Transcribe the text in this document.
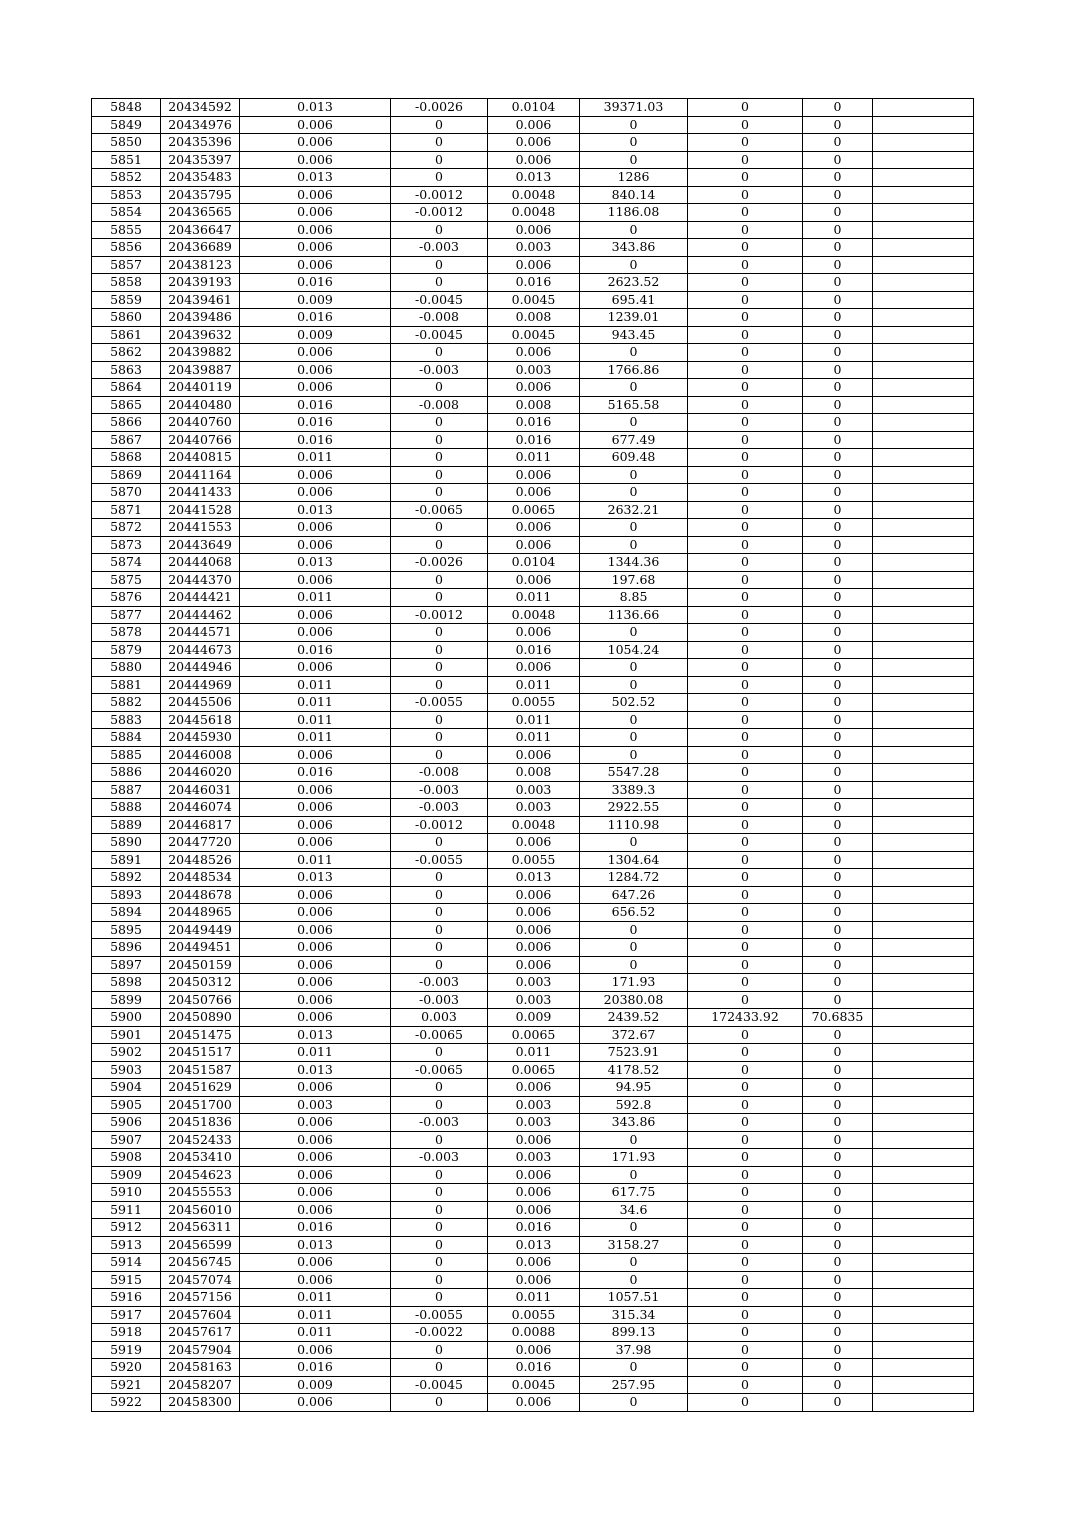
5848	20434592	0.013	-0.0026	0.0104	39371.03	0	0	
5849	20434976	0.006	0	0.006	0	0	0	
5850	20435396	0.006	0	0.006	0	0	0	
5851	20435397	0.006	0	0.006	0	0	0	
5852	20435483	0.013	0	0.013	1286	0	0	
5853	20435795	0.006	-0.0012	0.0048	840.14	0	0	
5854	20436565	0.006	-0.0012	0.0048	1186.08	0	0	
5855	20436647	0.006	0	0.006	0	0	0	
5856	20436689	0.006	-0.003	0.003	343.86	0	0	
5857	20438123	0.006	0	0.006	0	0	0	
5858	20439193	0.016	0	0.016	2623.52	0	0	
5859	20439461	0.009	-0.0045	0.0045	695.41	0	0	
5860	20439486	0.016	-0.008	0.008	1239.01	0	0	
5861	20439632	0.009	-0.0045	0.0045	943.45	0	0	
5862	20439882	0.006	0	0.006	0	0	0	
5863	20439887	0.006	-0.003	0.003	1766.86	0	0	
5864	20440119	0.006	0	0.006	0	0	0	
5865	20440480	0.016	-0.008	0.008	5165.58	0	0	
5866	20440760	0.016	0	0.016	0	0	0	
5867	20440766	0.016	0	0.016	677.49	0	0	
5868	20440815	0.011	0	0.011	609.48	0	0	
5869	20441164	0.006	0	0.006	0	0	0	
5870	20441433	0.006	0	0.006	0	0	0	
5871	20441528	0.013	-0.0065	0.0065	2632.21	0	0	
5872	20441553	0.006	0	0.006	0	0	0	
5873	20443649	0.006	0	0.006	0	0	0	
5874	20444068	0.013	-0.0026	0.0104	1344.36	0	0	
5875	20444370	0.006	0	0.006	197.68	0	0	
5876	20444421	0.011	0	0.011	8.85	0	0	
5877	20444462	0.006	-0.0012	0.0048	1136.66	0	0	
5878	20444571	0.006	0	0.006	0	0	0	
5879	20444673	0.016	0	0.016	1054.24	0	0	
5880	20444946	0.006	0	0.006	0	0	0	
5881	20444969	0.011	0	0.011	0	0	0	
5882	20445506	0.011	-0.0055	0.0055	502.52	0	0	
5883	20445618	0.011	0	0.011	0	0	0	
5884	20445930	0.011	0	0.011	0	0	0	
5885	20446008	0.006	0	0.006	0	0	0	
5886	20446020	0.016	-0.008	0.008	5547.28	0	0	
5887	20446031	0.006	-0.003	0.003	3389.3	0	0	
5888	20446074	0.006	-0.003	0.003	2922.55	0	0	
5889	20446817	0.006	-0.0012	0.0048	1110.98	0	0	
5890	20447720	0.006	0	0.006	0	0	0	
5891	20448526	0.011	-0.0055	0.0055	1304.64	0	0	
5892	20448534	0.013	0	0.013	1284.72	0	0	
5893	20448678	0.006	0	0.006	647.26	0	0	
5894	20448965	0.006	0	0.006	656.52	0	0	
5895	20449449	0.006	0	0.006	0	0	0	
5896	20449451	0.006	0	0.006	0	0	0	
5897	20450159	0.006	0	0.006	0	0	0	
5898	20450312	0.006	-0.003	0.003	171.93	0	0	
5899	20450766	0.006	-0.003	0.003	20380.08	0	0	
5900	20450890	0.006	0.003	0.009	2439.52	172433.92	70.6835	
5901	20451475	0.013	-0.0065	0.0065	372.67	0	0	
5902	20451517	0.011	0	0.011	7523.91	0	0	
5903	20451587	0.013	-0.0065	0.0065	4178.52	0	0	
5904	20451629	0.006	0	0.006	94.95	0	0	
5905	20451700	0.003	0	0.003	592.8	0	0	
5906	20451836	0.006	-0.003	0.003	343.86	0	0	
5907	20452433	0.006	0	0.006	0	0	0	
5908	20453410	0.006	-0.003	0.003	171.93	0	0	
5909	20454623	0.006	0	0.006	0	0	0	
5910	20455553	0.006	0	0.006	617.75	0	0	
5911	20456010	0.006	0	0.006	34.6	0	0	
5912	20456311	0.016	0	0.016	0	0	0	
5913	20456599	0.013	0	0.013	3158.27	0	0	
5914	20456745	0.006	0	0.006	0	0	0	
5915	20457074	0.006	0	0.006	0	0	0	
5916	20457156	0.011	0	0.011	1057.51	0	0	
5917	20457604	0.011	-0.0055	0.0055	315.34	0	0	
5918	20457617	0.011	-0.0022	0.0088	899.13	0	0	
5919	20457904	0.006	0	0.006	37.98	0	0	
5920	20458163	0.016	0	0.016	0	0	0	
5921	20458207	0.009	-0.0045	0.0045	257.95	0	0	
5922	20458300	0.006	0	0.006	0	0	0	
